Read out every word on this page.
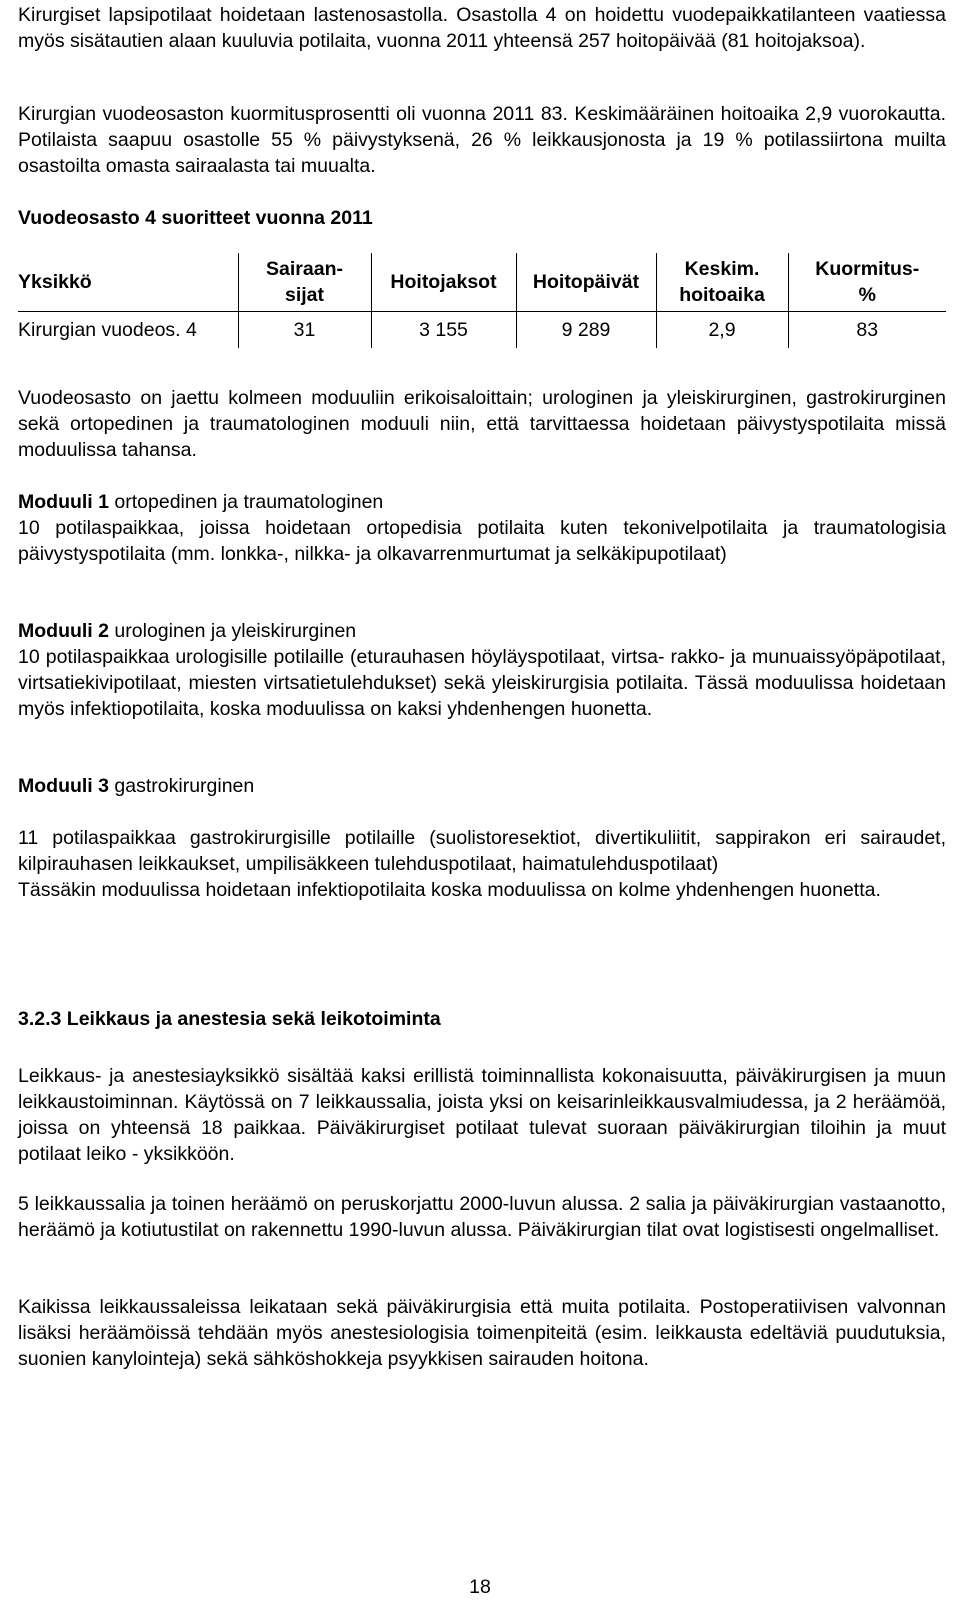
Kirurgiset lapsipotilaat hoidetaan lastenosastolla. Osastolla 4 on hoidettu vuodepaikkatilanteen vaatiessa myös sisätautien alaan kuuluvia potilaita, vuonna 2011 yhteensä 257 hoitopäivää (81 hoitojaksoa).

Kirurgian vuodeosaston kuormitusprosentti oli vuonna 2011 83. Keskimääräinen hoitoaika 2,9 vuorokautta. Potilaista saapuu osastolle 55 % päivystyksenä, 26 % leikkausjonosta ja 19 % potilassiirtona muilta osastoilta omasta sairaalasta tai muualta.

Vuodeosasto 4 suoritteet vuonna 2011

Yksikkö	Sairaan-sijat	Hoitojaksot	Hoitopäivät	Keskim. hoitoaika	Kuormitus-%

Kirurgian vuodeos. 4	31	3 155	9 289	2,9	83

Vuodeosasto on jaettu kolmeen moduuliin erikoisaloittain; urologinen ja yleiskirurginen, gastrokirurginen sekä ortopedinen ja traumatologinen moduuli niin, että tarvittaessa hoidetaan päivystyspotilaita missä moduulissa tahansa.

Moduuli 1 ortopedinen ja traumatologinen

10 potilaspaikkaa, joissa hoidetaan ortopedisia potilaita kuten tekonivelpotilaita ja traumatologisia päivystyspotilaita (mm. lonkka-, nilkka- ja olkavarrenmurtumat ja selkäkipupotilaat)

Moduuli 2 urologinen ja yleiskirurginen

10 potilaspaikkaa urologisille potilaille (eturauhasen höyläyspotilaat, virtsa- rakko- ja munuaissyöpäpotilaat, virtsatiekivipotilaat, miesten virtsatietulehdukset) sekä yleiskirurgisia potilaita. Tässä moduulissa hoidetaan myös infektiopotilaita, koska moduulissa on kaksi yhdenhengen huonetta.

Moduuli 3 gastrokirurginen

11 potilaspaikkaa gastrokirurgisille potilaille (suolistoresektiot, divertikuliitit, sappirakon eri sairaudet, kilpirauhasen leikkaukset, umpilisäkkeen tulehduspotilaat, haimatulehduspotilaat)

Tässäkin moduulissa hoidetaan infektiopotilaita koska moduulissa on kolme yhdenhengen huonetta.

3.2.3 Leikkaus ja anestesia sekä leikotoiminta

Leikkaus- ja anestesiayksikkö sisältää kaksi erillistä toiminnallista kokonaisuutta, päiväkirurgisen ja muun leikkaustoiminnan. Käytössä on 7 leikkaussalia, joista yksi on keisarinleikkausvalmiudessa, ja 2 heräämöä, joissa on yhteensä 18 paikkaa. Päiväkirurgiset potilaat tulevat suoraan päiväkirurgian tiloihin ja muut potilaat leiko - yksikköön.

5 leikkaussalia ja toinen heräämö on peruskorjattu 2000-luvun alussa. 2 salia ja päiväkirurgian vastaanotto, heräämö ja kotiutustilat on rakennettu 1990-luvun alussa. Päiväkirurgian tilat ovat logistisesti ongelmalliset.

Kaikissa leikkaussaleissa leikataan sekä päiväkirurgisia että muita potilaita. Postoperatiivisen valvonnan lisäksi heräämöissä tehdään myös anestesiologisia toimenpiteitä (esim. leikkausta edeltäviä puudutuksia, suonien kanylointeja) sekä sähköshokkeja psyykkisen sairauden hoitona.

18
